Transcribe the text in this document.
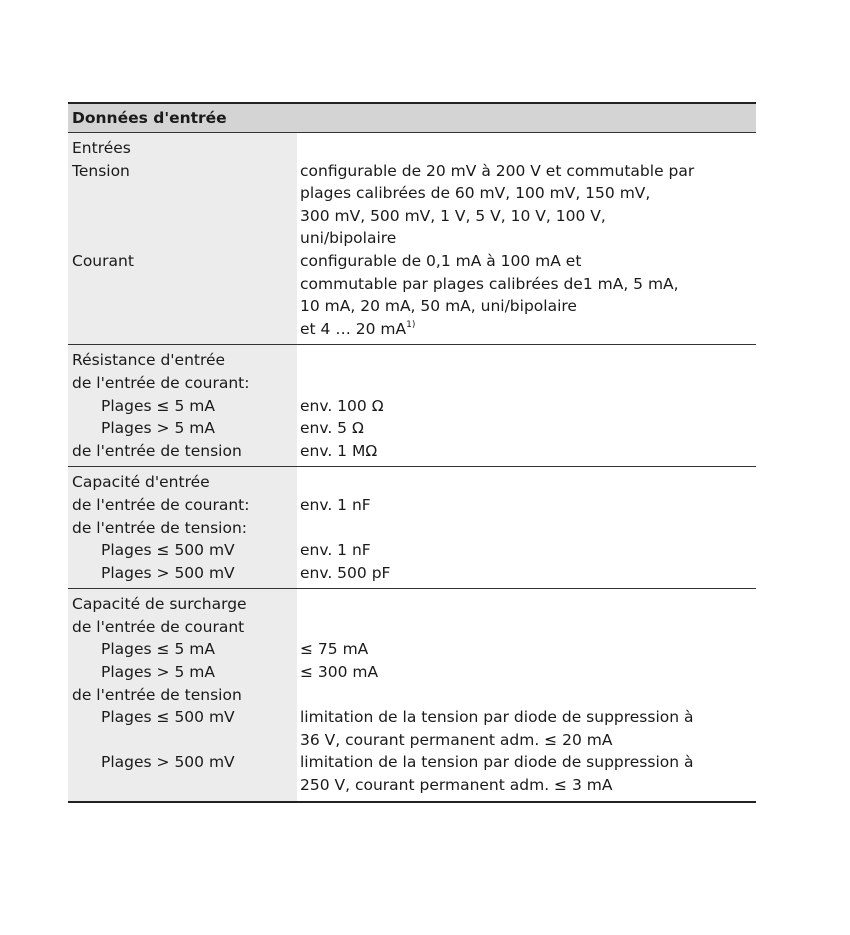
Données d'entrée
Entrées
Tension
Courant
configurable de 20 mV à 200 V et commutable par
plages calibrées de 60 mV, 100 mV, 150 mV,
300 mV, 500 mV, 1 V, 5 V, 10 V, 100 V,
uni/bipolaire
configurable de 0,1 mA à 100 mA et
commutable par plages calibrées de1 mA, 5 mA,
10 mA, 20 mA, 50 mA, uni/bipolaire
et 4 … 20 $mA^{1)}$
Résistance d'entrée
de l'entrée de courant:
Plages ≤ 5 mA
Plages > 5 mA
de l'entrée de tension
env. 100 Ω
env. 5 Ω
env. 1 MΩ
Capacité d'entrée
de l'entrée de courant:
de l'entrée de tension:
Plages ≤ 500 mV
Plages > 500 mV
env. 1 nF
env. 1 nF
env. 500 pF
Capacité de surcharge
de l'entrée de courant
Plages ≤ 5 mA
Plages > 5 mA
de l'entrée de tension
Plages ≤ 500 mV
Plages > 500 mV
≤ 75 mA
≤ 300 mA
limitation de la tension par diode de suppression à
36 V, courant permanent adm. ≤ 20 mA
limitation de la tension par diode de suppression à
250 V, courant permanent adm. ≤ 3 mA
